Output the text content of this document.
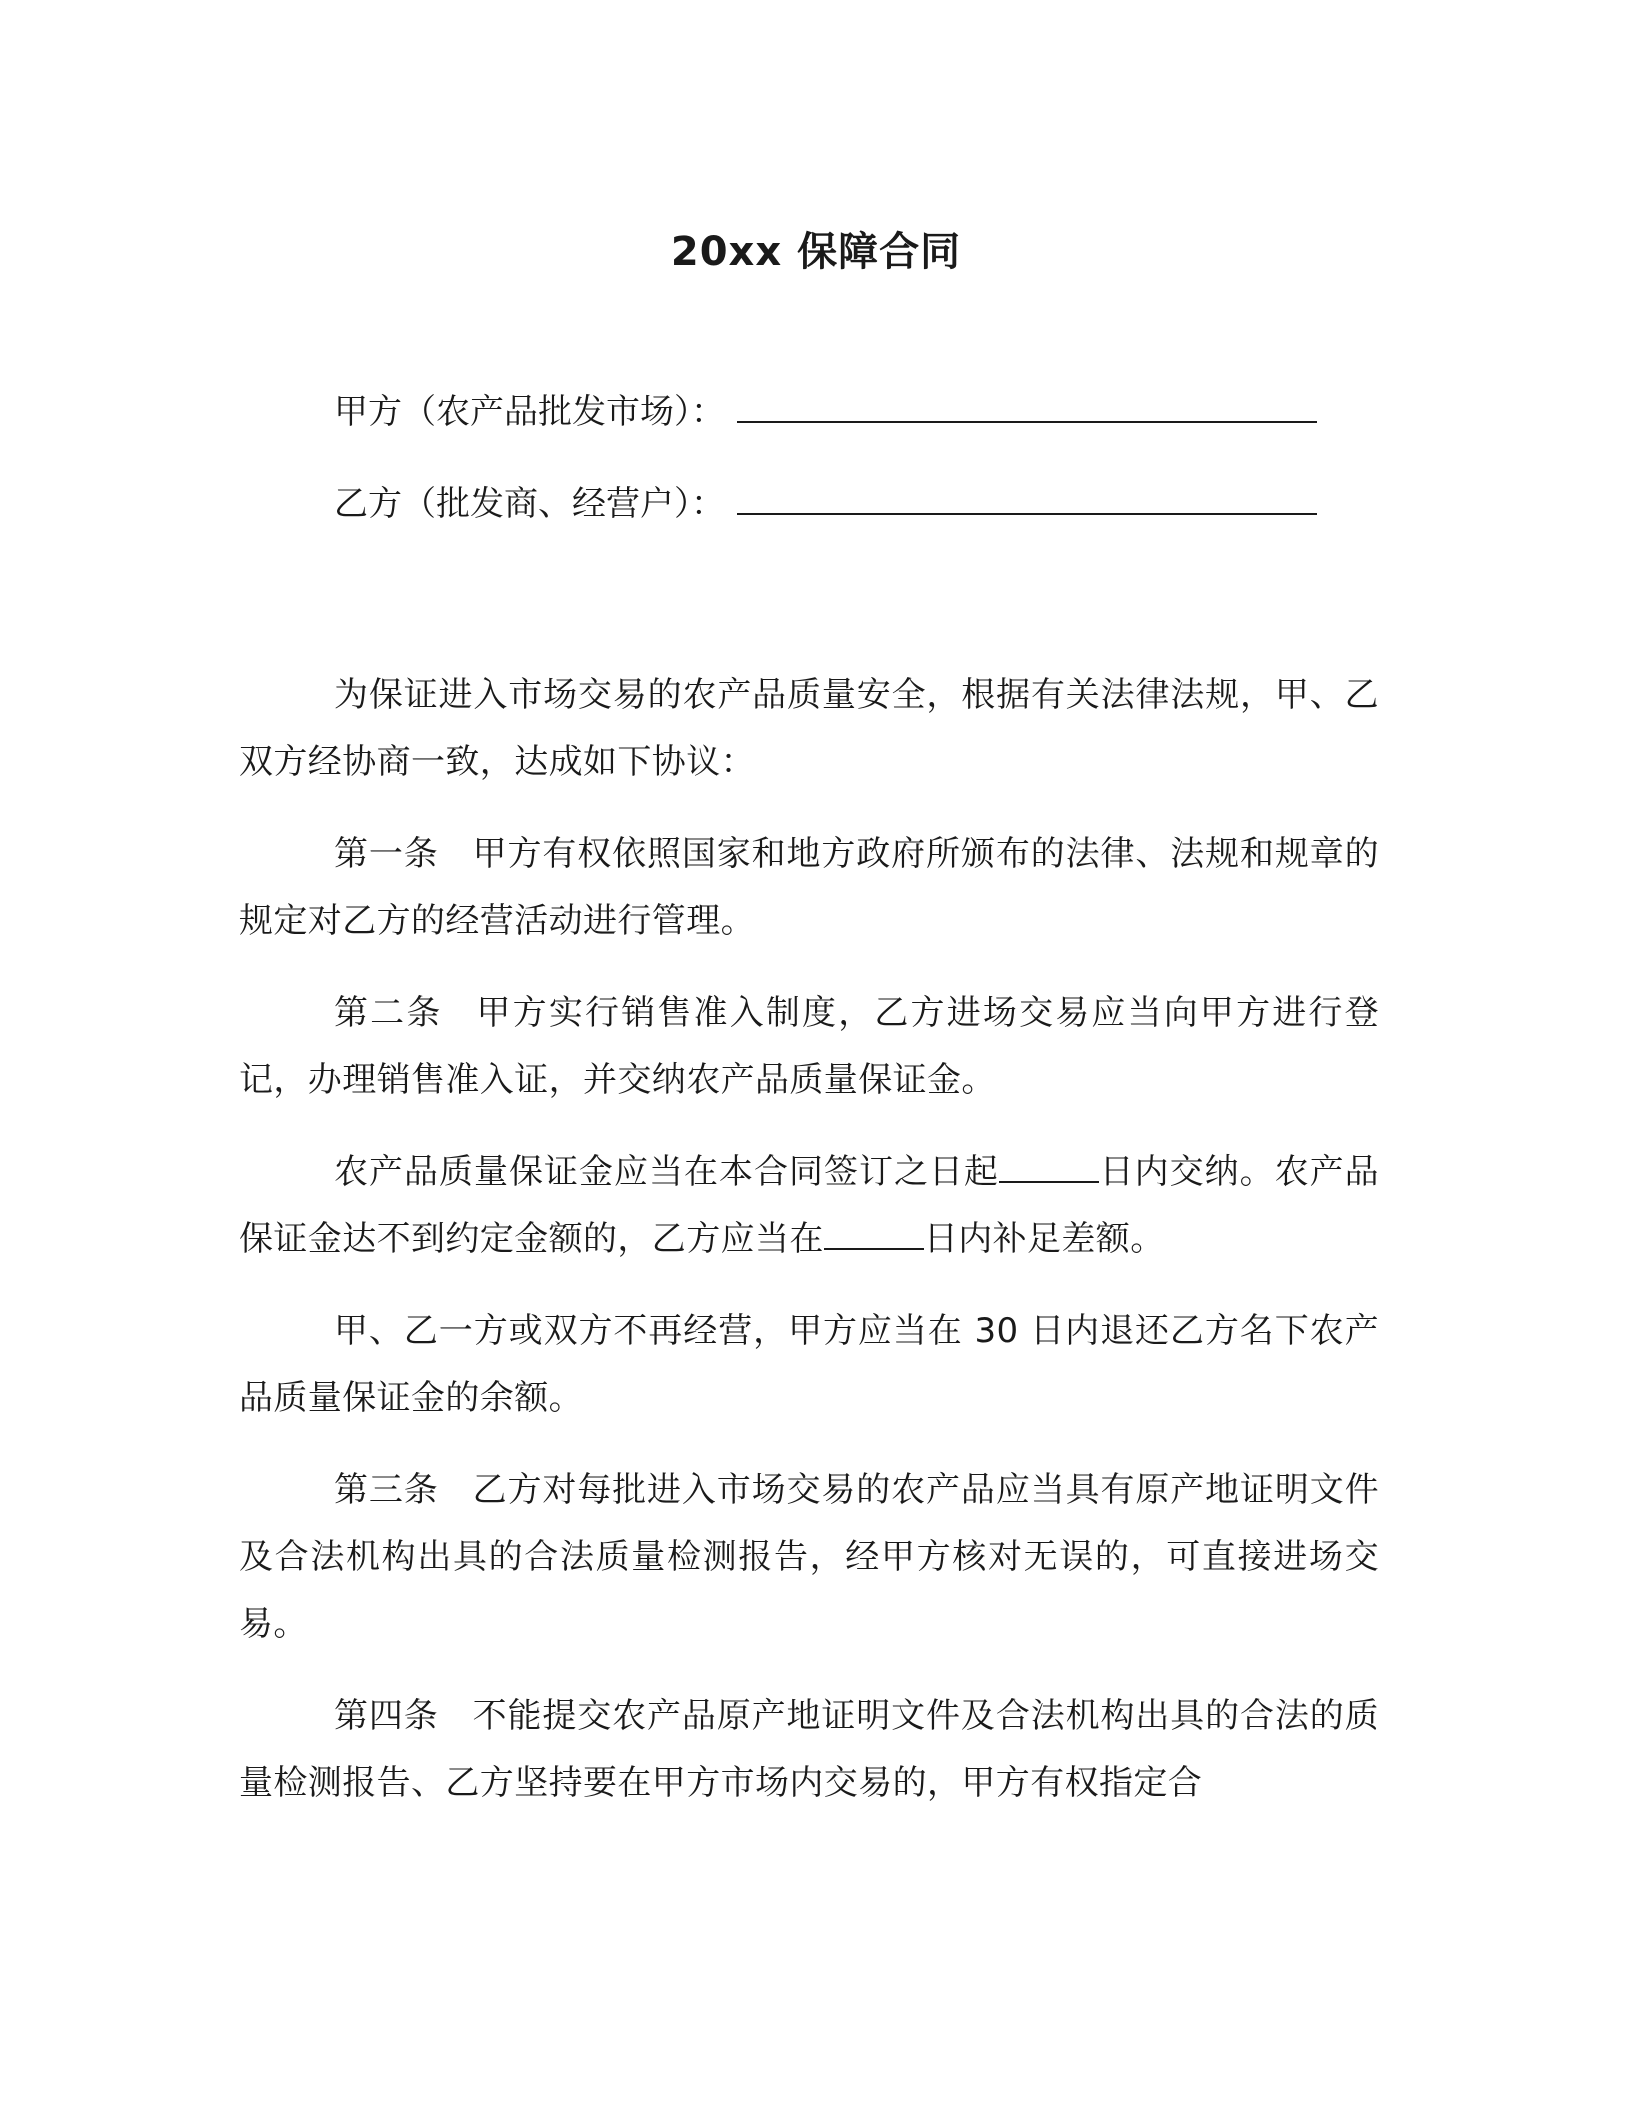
20xx 保障合同
甲方（农产品批发市场）：
乙方（批发商、经营户）：

为保证进入市场交易的农产品质量安全，根据有关法律法规，甲、乙双方经协商一致，达成如下协议：

第一条 甲方有权依照国家和地方政府所颁布的法律、法规和规章的规定对乙方的经营活动进行管理。

第二条 甲方实行销售准入制度，乙方进场交易应当向甲方进行登记，办理销售准入证，并交纳农产品质量保证金。

农产品质量保证金应当在本合同签订之日起	日内交纳。农产品保证金达不到约定金额的，乙方应当在	日内补足差额。

甲、乙一方或双方不再经营，甲方应当在 30 日内退还乙方名下农产品质量保证金的余额。

第三条 乙方对每批进入市场交易的农产品应当具有原产地证明文件及合法机构出具的合法质量检测报告，经甲方核对无误的，可直接进场交易。

第四条 不能提交农产品原产地证明文件及合法机构出具的合法的质量检测报告、乙方坚持要在甲方市场内交易的，甲方有权指定合
